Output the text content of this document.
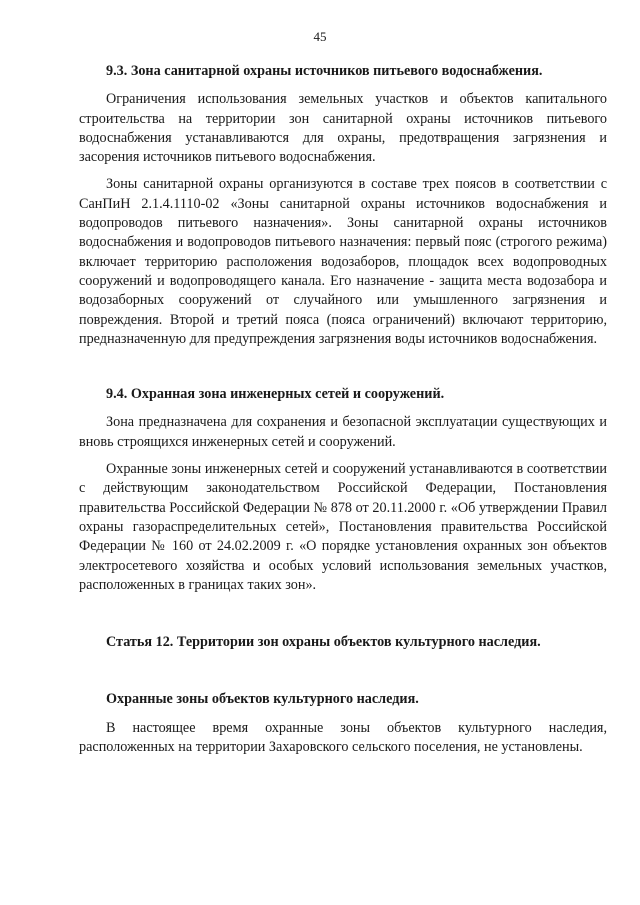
45
9.3. Зона санитарной охраны источников питьевого водоснабжения.

Ограничения использования земельных участков и объектов капитального строительства на территории зон санитарной охраны источников питьевого водоснабжения устанавливаются для охраны, предотвращения загрязнения и засорения источников питьевого водоснабжения.

Зоны санитарной охраны организуются в составе трех поясов в соответствии с СанПиН 2.1.4.1110-02 «Зоны санитарной охраны источников водоснабжения и водопроводов питьевого назначения». Зоны санитарной охраны источников водоснабжения и водопроводов питьевого назначения: первый пояс (строгого режима) включает территорию расположения водозаборов, площадок всех водопроводных сооружений и водопроводящего канала. Его назначение - защита места водозабора и водозаборных сооружений от случайного или умышленного загрязнения и повреждения. Второй и третий пояса (пояса ограничений) включают территорию, предназначенную для предупреждения загрязнения воды источников водоснабжения.

9.4. Охранная зона инженерных сетей и сооружений.

Зона предназначена для сохранения и безопасной эксплуатации существующих и вновь строящихся инженерных сетей и сооружений.

Охранные зоны инженерных сетей и сооружений устанавливаются в соответствии с действующим законодательством Российской Федерации, Постановления правительства Российской Федерации № 878 от 20.11.2000 г. «Об утверждении Правил охраны газораспределительных сетей», Постановления правительства Российской Федерации № 160 от 24.02.2009 г. «О порядке установления охранных зон объектов электросетевого хозяйства и особых условий использования земельных участков, расположенных в границах таких зон».

Статья 12. Территории зон охраны объектов культурного наследия.
Охранные зоны объектов культурного наследия.

В настоящее время охранные зоны объектов культурного наследия, расположенных на территории Захаровского сельского поселения, не установлены.
